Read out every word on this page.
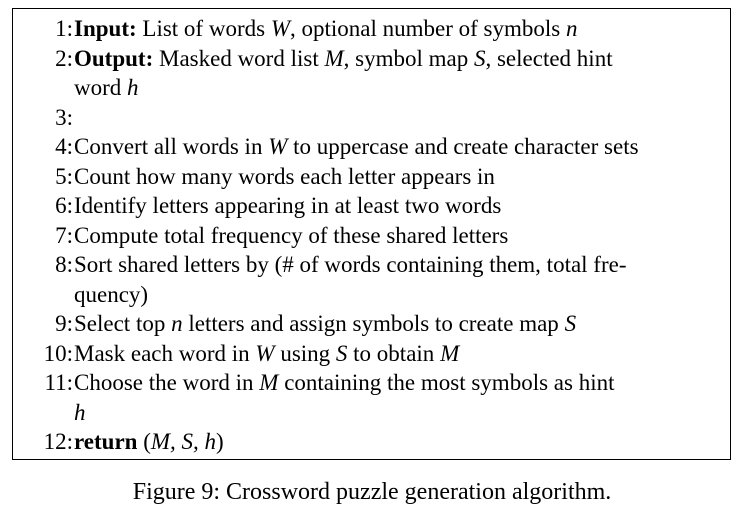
1: Input: List of words W, optional number of symbols n
2: Output: Masked word list M, symbol map S, selected hint
word h
3:
4: Convert all words in W to uppercase and create character sets
5: Count how many words each letter appears in
6: Identify letters appearing in at least two words
7: Compute total frequency of these shared letters
8: Sort shared letters by (# of words containing them, total fre-
quency)
9: Select top n letters and assign symbols to create map S
10: Mask each word in W using S to obtain M
11: Choose the word in M containing the most symbols as hint
h
12: return (M, S, h)
Figure 9: Crossword puzzle generation algorithm.
